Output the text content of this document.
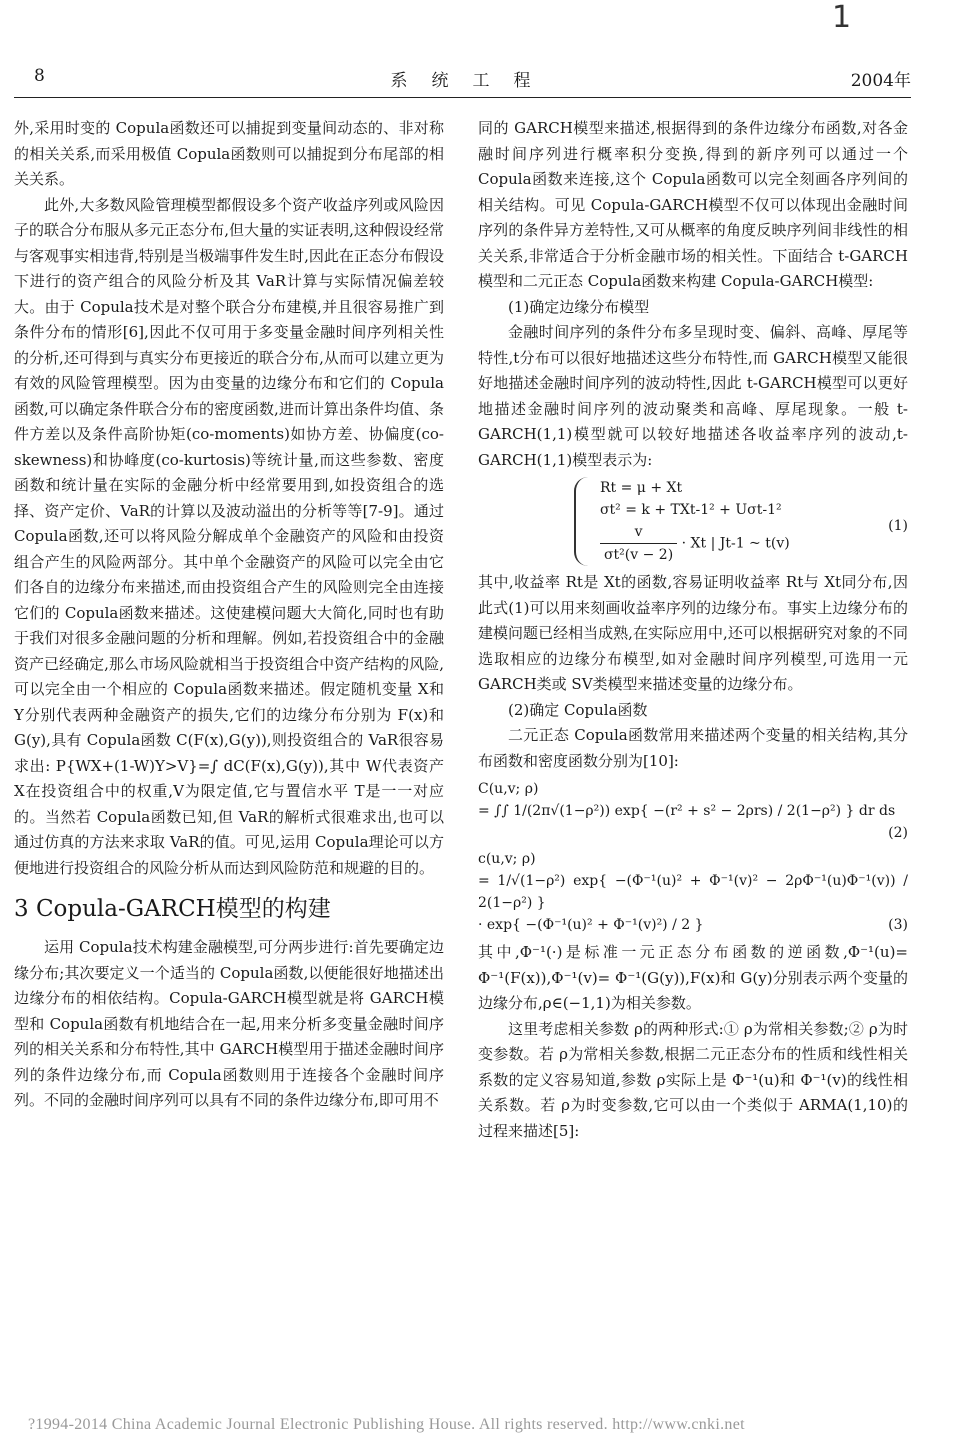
1
8	系统工程	2004年

外,采用时变的 Copula函数还可以捕捉到变量间动态的、非对称的相关关系,而采用极值 Copula函数则可以捕捉到分布尾部的相关关系。

此外,大多数风险管理模型都假设多个资产收益序列或风险因子的联合分布服从多元正态分布,但大量的实证表明,这种假设经常与客观事实相违背,特别是当极端事件发生时,因此在正态分布假设下进行的资产组合的风险分析及其 VaR计算与实际情况偏差较大。由于 Copula技术是对整个联合分布建模,并且很容易推广到条件分布的情形[6],因此不仅可用于多变量金融时间序列相关性的分析,还可得到与真实分布更接近的联合分布,从而可以建立更为有效的风险管理模型。因为由变量的边缘分布和它们的 Copula函数,可以确定条件联合分布的密度函数,进而计算出条件均值、条件方差以及条件高阶协矩(co-moments)如协方差、协偏度(co-skewness)和协峰度(co-kurtosis)等统计量,而这些参数、密度函数和统计量在实际的金融分析中经常要用到,如投资组合的选择、资产定价、VaR的计算以及波动溢出的分析等等[7-9]。通过 Copula函数,还可以将风险分解成单个金融资产的风险和由投资组合产生的风险两部分。其中单个金融资产的风险可以完全由它们各自的边缘分布来描述,而由投资组合产生的风险则完全由连接它们的 Copula函数来描述。这使建模问题大大简化,同时也有助于我们对很多金融问题的分析和理解。例如,若投资组合中的金融资产已经确定,那么市场风险就相当于投资组合中资产结构的风险,可以完全由一个相应的 Copula函数来描述。假定随机变量 X和 Y分别代表两种金融资产的损失,它们的边缘分布分别为 F(x)和 G(y),具有 Copula函数 C(F(x),G(y)),则投资组合的 VaR很容易求出: P{WX+(1-W)Y>V}=∫ dC(F(x),G(y)),其中 W代表资产 X在投资组合中的权重,V为限定值,它与置信水平 T是一一对应的。当然若 Copula函数已知,但 VaR的解析式很难求出,也可以通过仿真的方法来求取 VaR的值。可见,运用 Copula理论可以方便地进行投资组合的风险分析从而达到风险防范和规避的目的。

3 Copula-GARCH模型的构建

运用 Copula技术构建金融模型,可分两步进行:首先要确定边缘分布;其次要定义一个适当的 Copula函数,以便能很好地描述出边缘分布的相依结构。Copula-GARCH模型就是将 GARCH模型和 Copula函数有机地结合在一起,用来分析多变量金融时间序列的相关关系和分布特性,其中 GARCH模型用于描述金融时间序列的条件边缘分布,而 Copula函数则用于连接各个金融时间序列。不同的金融时间序列可以具有不同的条件边缘分布,即可用不

同的 GARCH模型来描述,根据得到的条件边缘分布函数,对各金融时间序列进行概率积分变换,得到的新序列可以通过一个 Copula函数来连接,这个 Copula函数可以完全刻画各序列间的相关结构。可见 Copula-GARCH模型不仅可以体现出金融时间序列的条件异方差特性,又可从概率的角度反映序列间非线性的相关关系,非常适合于分析金融市场的相关性。下面结合 t-GARCH模型和二元正态 Copula函数来构建 Copula-GARCH模型:

(1)确定边缘分布模型

金融时间序列的条件分布多呈现时变、偏斜、高峰、厚尾等特性,t分布可以很好地描述这些分布特性,而 GARCH模型又能很好地描述金融时间序列的波动特性,因此 t-GARCH模型可以更好地描述金融时间序列的波动聚类和高峰、厚尾现象。一般 t-GARCH(1,1)模型就可以较好地描述各收益率序列的波动,t-GARCH(1,1)模型表示为:

Rt = μ + Xt
σt² = k + TXt-1² + Uσt-1²
$\frac{v}{\text{σt²(v − 2)}} \cdot Xt$ | Jt-1 ~ t(v)
(1)

其中,收益率 Rt是 Xt的函数,容易证明收益率 Rt与 Xt同分布,因此式(1)可以用来刻画收益率序列的边缘分布。事实上边缘分布的建模问题已经相当成熟,在实际应用中,还可以根据研究对象的不同选取相应的边缘分布模型,如对金融时间序列模型,可选用一元 GARCH类或 SV类模型来描述变量的边缘分布。

(2)确定 Copula函数

二元正态 Copula函数常用来描述两个变量的相关结构,其分布函数和密度函数分别为[10]:

C(u,v; ρ)
= ∫∫ 1/(2π√(1−ρ²)) exp{ −(r² + s² − 2ρrs) / 2(1−ρ²) } dr ds
(2)
c(u,v; ρ)
= 1/√(1−ρ²) exp{ −(Φ⁻¹(u)² + Φ⁻¹(v)² − 2ρΦ⁻¹(u)Φ⁻¹(v)) / 2(1−ρ²) }
· exp{ −(Φ⁻¹(u)² + Φ⁻¹(v)²) / 2 }	(3)

其中,Φ⁻¹(·)是标准一元正态分布函数的逆函数,Φ⁻¹(u)= Φ⁻¹(F(x)),Φ⁻¹(v)= Φ⁻¹(G(y)),F(x)和 G(y)分别表示两个变量的边缘分布,ρ∈(−1,1)为相关参数。

这里考虑相关参数 ρ的两种形式:① ρ为常相关参数;② ρ为时变参数。若 ρ为常相关参数,根据二元正态分布的性质和线性相关系数的定义容易知道,参数 ρ实际上是 Φ⁻¹(u)和 Φ⁻¹(v)的线性相关系数。若 ρ为时变参数,它可以由一个类似于 ARMA(1,10)的过程来描述[5]:

?1994-2014 China Academic Journal Electronic Publishing House. All rights reserved. http://www.cnki.net
